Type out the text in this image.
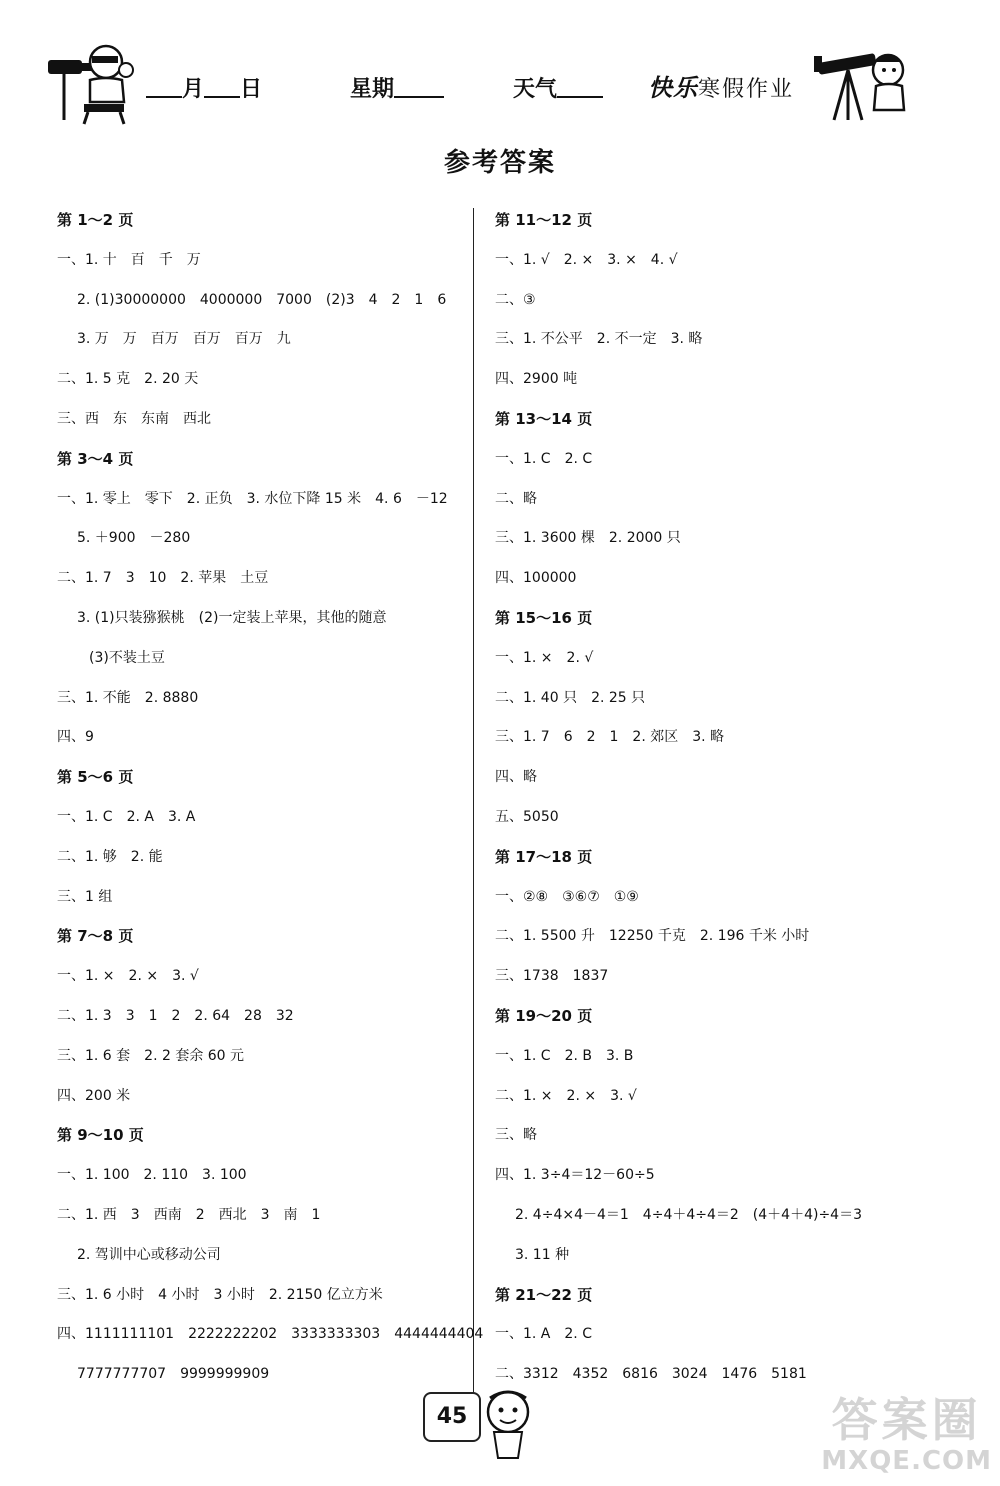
月 日	星期	天气	快乐寒假作业
参考答案
第 1～2 页
一、1. 十　百　千　万
2. (1)30000000　4000000　7000　(2)3　4　2　1　6
3. 万　万　百万　百万　百万　九
二、1. 5 克　2. 20 天
三、西　东　东南　西北
第 3～4 页
一、1. 零上　零下　2. 正负　3. 水位下降 15 米　4. 6　－12
5. ＋900　－280
二、1. 7　3　10　2. 苹果　土豆
3. (1)只装猕猴桃　(2)一定装上苹果，其他的随意
(3)不装土豆
三、1. 不能　2. 8880
四、9
第 5～6 页
一、1. C　2. A　3. A
二、1. 够　2. 能
三、1 组
第 7～8 页
一、1. ×　2. ×　3. √
二、1. 3　3　1　2　2. 64　28　32
三、1. 6 套　2. 2 套余 60 元
四、200 米
第 9～10 页
一、1. 100　2. 110　3. 100
二、1. 西　3　西南　2　西北　3　南　1
2. 驾训中心或移动公司
三、1. 6 小时　4 小时　3 小时　2. 2150 亿立方米
四、1111111101　2222222202　3333333303　4444444404
7777777707　9999999909
第 11～12 页
一、1. √　2. ×　3. ×　4. √
二、③
三、1. 不公平　2. 不一定　3. 略
四、2900 吨
第 13～14 页
一、1. C　2. C
二、略
三、1. 3600 棵　2. 2000 只
四、100000
第 15～16 页
一、1. ×　2. √
二、1. 40 只　2. 25 只
三、1. 7　6　2　1　2. 郊区　3. 略
四、略
五、5050
第 17～18 页
一、②⑧　③⑥⑦　①⑨
二、1. 5500 升　12250 千克　2. 196 千米 小时
三、1738　1837
第 19～20 页
一、1. C　2. B　3. B
二、1. ×　2. ×　3. √
三、略
四、1. 3÷4＝12－60÷5
2. 4÷4×4－4＝1　4÷4＋4÷4＝2　(4＋4＋4)÷4＝3
3. 11 种
第 21～22 页
一、1. A　2. C
二、3312　4352　6816　3024　1476　5181
45	答案圈
MXQE.COM
